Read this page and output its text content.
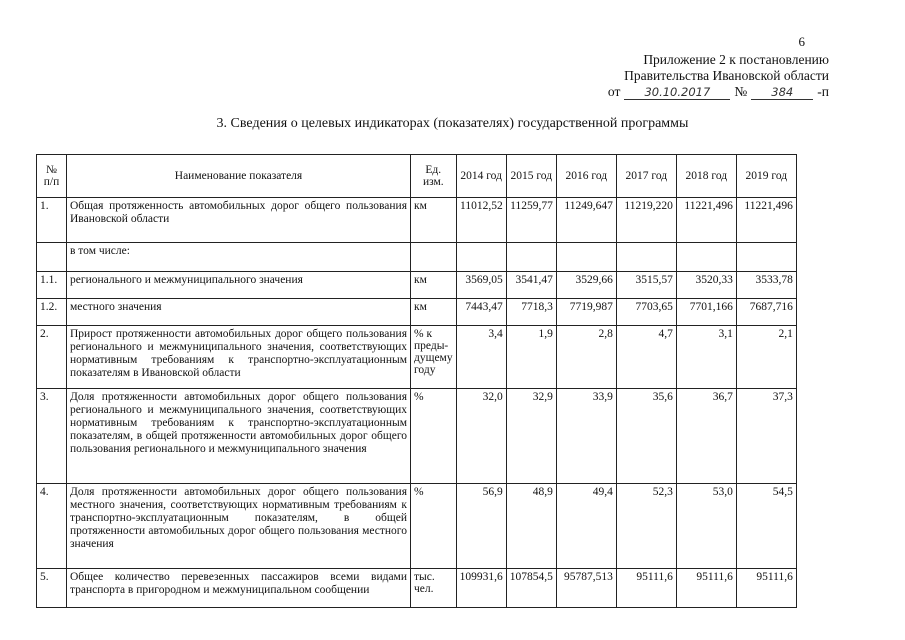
6
Приложение 2 к постановлению
Правительства Ивановской области
от	30.10.2017	№	384	-п
3. Сведения о целевых индикаторах (показателях) государственной программы
№ п/п	Наименование показателя	Ед. изм.	2014 год	2015 год	2016 год	2017 год	2018 год	2019 год
1.	Общая протяженность автомобильных дорог общего пользования Ивановской области	км	11012,52	11259,77	11249,647	11219,220	11221,496	11221,496
	в том числе:							
1.1.	регионального и межмуниципального значения	км	3569,05	3541,47	3529,66	3515,57	3520,33	3533,78
1.2.	местного значения	км	7443,47	7718,3	7719,987	7703,65	7701,166	7687,716
2.	Прирост протяженности автомобильных дорог общего пользования регионального и межмуниципального значения, соответствующих нормативным требованиям к транспортно-эксплуатационным показателям в Ивановской области	% к преды-дущему году	3,4	1,9	2,8	4,7	3,1	2,1
3.	Доля протяженности автомобильных дорог общего пользования регионального и межмуниципального значения, соответствующих нормативным требованиям к транспортно-эксплуатационным показателям, в общей протяженности автомобильных дорог общего пользования регионального и межмуниципального значения	%	32,0	32,9	33,9	35,6	36,7	37,3
4.	Доля протяженности автомобильных дорог общего пользования местного значения, соответствующих нормативным требованиям к транспортно-эксплуатационным показателям, в общей протяженности автомобильных дорог общего пользования местного значения	%	56,9	48,9	49,4	52,3	53,0	54,5
5.	Общее количество перевезенных пассажиров всеми видами транспорта в пригородном и межмуниципальном сообщении	тыс. чел.	109931,6	107854,5	95787,513	95111,6	95111,6	95111,6
